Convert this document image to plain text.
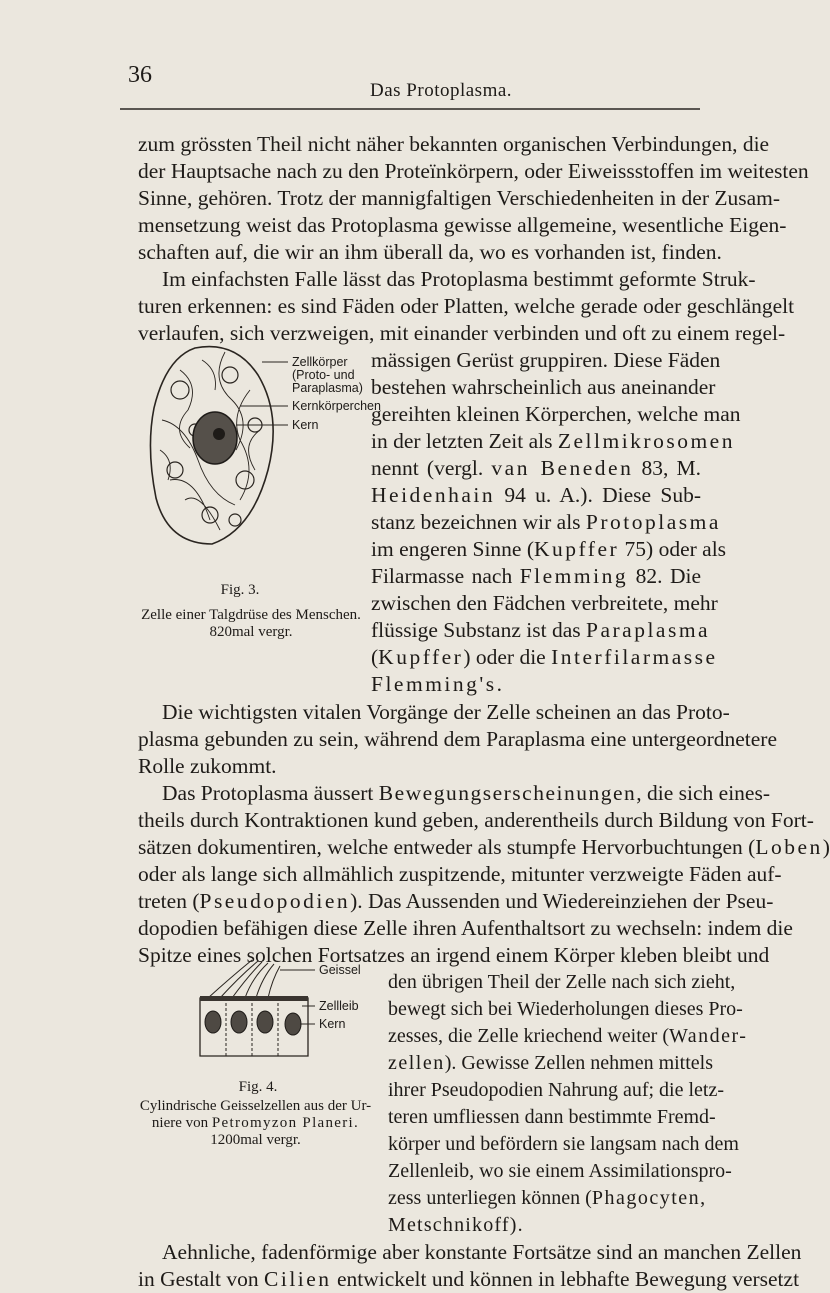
36
Das Protoplasma.
zum grössten Theil nicht näher bekannten organischen Verbindungen, die
der Hauptsache nach zu den Proteïnkörpern, oder Eiweissstoffen im weitesten
Sinne, gehören. Trotz der mannigfaltigen Verschiedenheiten in der Zusam-
mensetzung weist das Protoplasma gewisse allgemeine, wesentliche Eigen-
schaften auf, die wir an ihm überall da, wo es vorhanden ist, finden.
Im einfachsten Falle lässt das Protoplasma bestimmt geformte Struk-
turen erkennen: es sind Fäden oder Platten, welche gerade oder geschlängelt
verlaufen, sich verzweigen, mit einander verbinden und oft zu einem regel-
mässigen Gerüst gruppiren. Diese Fäden
bestehen wahrscheinlich aus aneinander
gereihten kleinen Körperchen, welche man
in der letzten Zeit als Zellmikrosomen
nennt (vergl. van Beneden 83, M.
Heidenhain 94 u. A.). Diese Sub-
stanz bezeichnen wir als Protoplasma
im engeren Sinne (Kupffer 75) oder als
Filarmasse nach Flemming 82. Die
zwischen den Fädchen verbreitete, mehr
flüssige Substanz ist das Paraplasma
(Kupffer) oder die Interfilarmasse
Flemming's.
Zellkörper
(Proto- und
Paraplasma)
Kernkörperchen
Kern
Fig. 3.
Zelle einer Talgdrüse des Menschen.
820mal vergr.
Die wichtigsten vitalen Vorgänge der Zelle scheinen an das Proto-
plasma gebunden zu sein, während dem Paraplasma eine untergeordnetere
Rolle zukommt.
Das Protoplasma äussert Bewegungserscheinungen, die sich eines-
theils durch Kontraktionen kund geben, anderentheils durch Bildung von Fort-
sätzen dokumentiren, welche entweder als stumpfe Hervorbuchtungen (Loben)
oder als lange sich allmählich zuspitzende, mitunter verzweigte Fäden auf-
treten (Pseudopodien). Das Aussenden und Wiedereinziehen der Pseu-
dopodien befähigen diese Zelle ihren Aufenthaltsort zu wechseln: indem die
Spitze eines solchen Fortsatzes an irgend einem Körper kleben bleibt und
den übrigen Theil der Zelle nach sich zieht,
bewegt sich bei Wiederholungen dieses Pro-
zesses, die Zelle kriechend weiter (Wander-
zellen). Gewisse Zellen nehmen mittels
ihrer Pseudopodien Nahrung auf; die letz-
teren umfliessen dann bestimmte Fremd-
körper und befördern sie langsam nach dem
Zellenleib, wo sie einem Assimilationspro-
zess unterliegen können (Phagocyten,
Metschnikoff).
Geissel
Zellleib
Kern
Fig. 4.
Cylindrische Geisselzellen aus der Ur-
niere von Petromyzon Planeri.
1200mal vergr.
Aehnliche, fadenförmige aber konstante Fortsätze sind an manchen Zellen
in Gestalt von Cilien entwickelt und können in lebhafte Bewegung versetzt
